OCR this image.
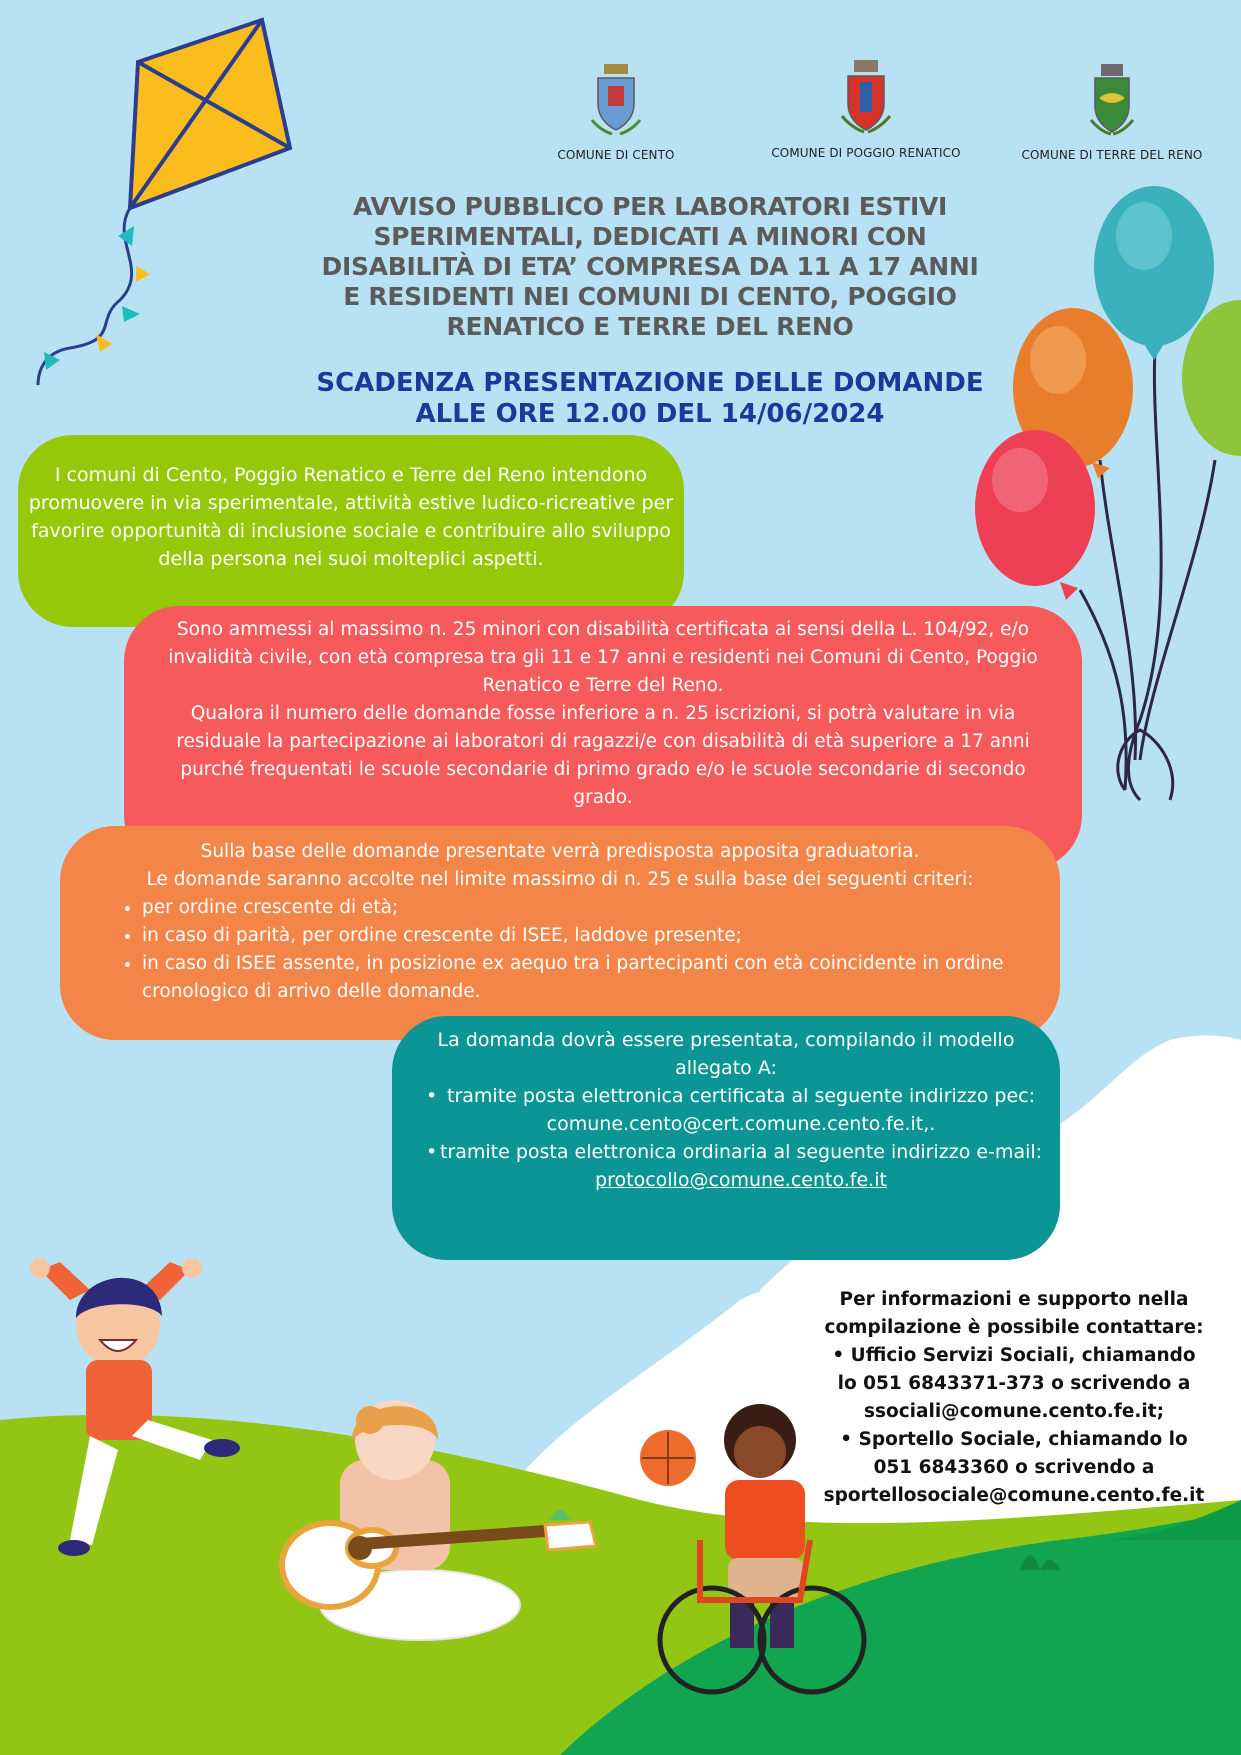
COMUNE DI CENTO	COMUNE DI POGGIO RENATICO	COMUNE DI TERRE DEL RENO
AVVISO PUBBLICO PER LABORATORI ESTIVI
SPERIMENTALI, DEDICATI A MINORI CON
DISABILITÀ DI ETA’ COMPRESA DA 11 A 17 ANNI
E RESIDENTI NEI COMUNI DI CENTO, POGGIO
RENATICO E TERRE DEL RENO
SCADENZA PRESENTAZIONE DELLE DOMANDE
ALLE ORE 12.00 DEL 14/06/2024

I comuni di Cento, Poggio Renatico e Terre del Reno intendono

promuovere in via sperimentale, attività estive ludico-ricreative per

favorire opportunità di inclusione sociale e contribuire allo sviluppo

della persona nei suoi molteplici aspetti.

Sono ammessi al massimo n. 25 minori con disabilità certificata ai sensi della L. 104/92, e/o

invalidità civile, con età compresa tra gli 11 e 17 anni e residenti nei Comuni di Cento, Poggio

Renatico e Terre del Reno.

Qualora il numero delle domande fosse inferiore a n. 25 iscrizioni, si potrà valutare in via

residuale la partecipazione ai laboratori di ragazzi/e con disabilità di età superiore a 17 anni

purché frequentati le scuole secondarie di primo grado e/o le scuole secondarie di secondo

grado.

Sulla base delle domande presentate verrà predisposta apposita graduatoria.

Le domande saranno accolte nel limite massimo di n. 25 e sulla base dei seguenti criteri:

• per ordine crescente di età;
• in caso di parità, per ordine crescente di ISEE, laddove presente;
• in caso di ISEE assente, in posizione ex aequo tra i partecipanti con età coincidente in ordine cronologico di arrivo delle domande.

La domanda dovrà essere presentata, compilando il modello

allegato A:

• tramite posta elettronica certificata al seguente indirizzo pec:
comune.cento@cert.comune.cento.fe.it,.
• tramite posta elettronica ordinaria al seguente indirizzo e-mail:
protocollo@comune.cento.fe.it
Per informazioni e supporto nella
compilazione è possibile contattare:
• Ufficio Servizi Sociali, chiamando
lo 051 6843371-373 o scrivendo a
ssociali@comune.cento.fe.it;
• Sportello Sociale, chiamando lo
051 6843360 o scrivendo a
sportellosociale@comune.cento.fe.it
